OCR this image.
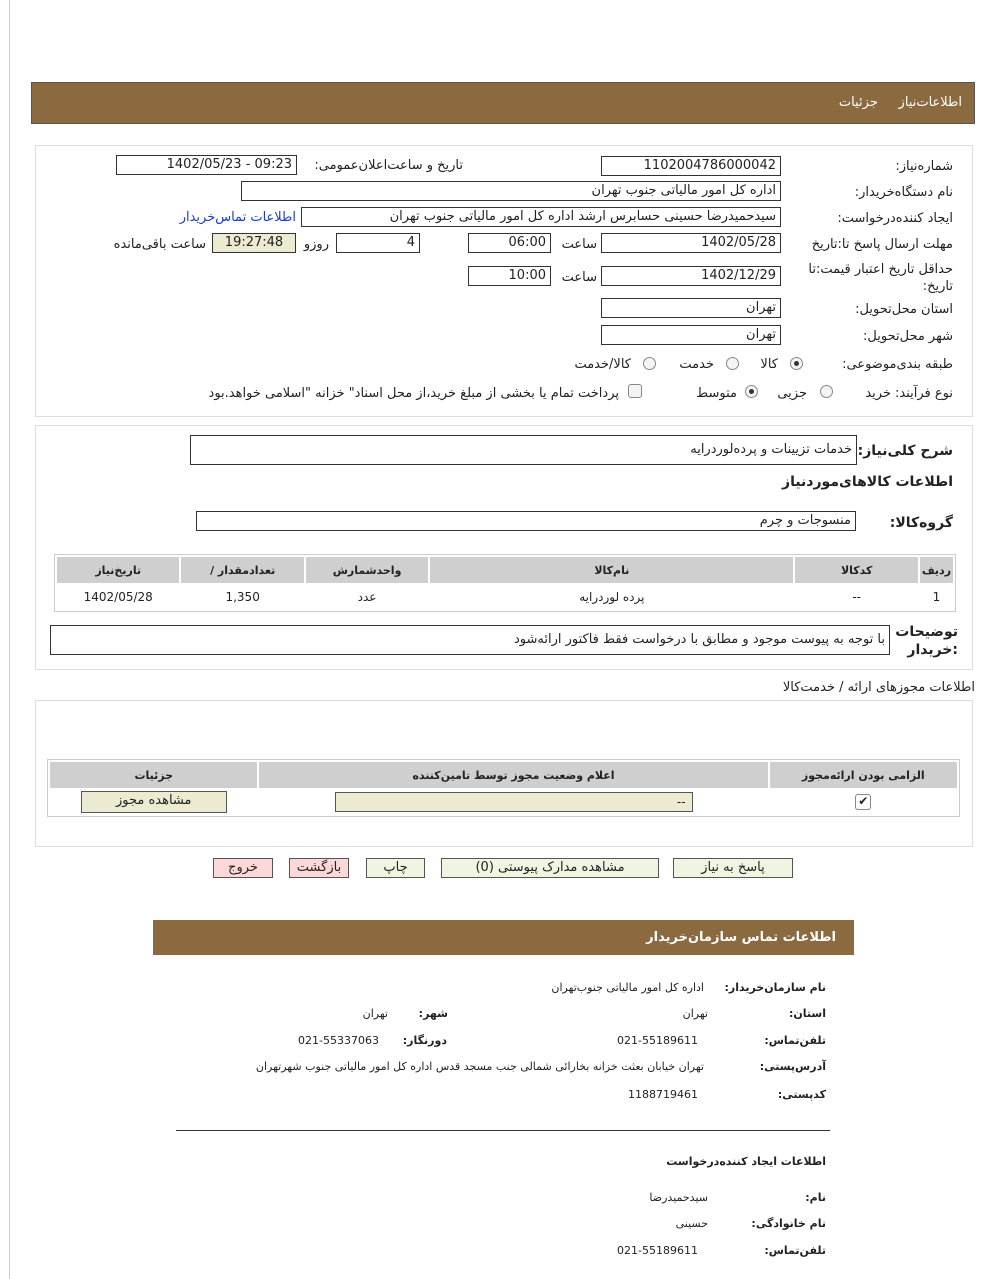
اطلاعات‌نیاز     جزئیات
شماره‌نیاز:
1102004786000042
تاریخ و ساعت‌اعلان‌عمومی:
1402/05/23 - 09:23
نام دستگاه‌خریدار:
اداره کل امور مالیاتی جنوب تهران
ایجاد کننده‌درخواست:
سیدحمیدرضا حسینی حسابرس ارشد اداره کل امور مالیاتی جنوب تهران
اطلاعات تماس‌خریدار
مهلت ارسال پاسخ تا:تاریخ
1402/05/28
ساعت
06:00
4
روزو
19:27:48
ساعت باقی‌مانده
حداقل تاریخ اعتبار قیمت:تا
تاریخ:
1402/12/29
ساعت
10:00
استان محل‌تحویل:
تهران
شهر محل‌تحویل:
تهران
طبقه بندی‌موضوعی:
کالا
خدمت
کالا/خدمت
نوع فرآیند:
خرید
جزیی
متوسط
پرداخت تمام یا بخشی از مبلغ خرید،از محل اسناد" خزانه "اسلامی خواهد.بود
شرح کلی‌نیاز:
خدمات تزیینات و پرده‌لوردرایه
اطلاعات کالاهای‌موردنیاز
گروه‌کالا:
منسوجات و چرم
ردیف	کدکالا	نام‌کالا	واحدشمارش	تعدادمقدار /	تاریخ‌نیاز
1	--	پرده لوردرایه	عدد	1,350	1402/05/28
توضیحات
:خریدار
با توجه به پیوست موجود و مطابق با درخواست فقط فاکتور ارائه‌شود
اطلاعات مجوزهای ارائه / خدمت‌کالا
الزامی بودن ارائه‌مجوز	اعلام وضعیت مجوز توسط تامین‌کننده	جزئیات
✔	--	مشاهده مجوز
پاسخ به نیاز
مشاهده مدارک پیوستی (0)
چاپ
بازگشت
خروج
اطلاعات تماس سازمان‌خریدار
نام سازمان‌خریدار:
اداره کل امور مالیاتی جنوب‌تهران
استان:
تهران
شهر:
تهران
تلفن‌تماس:
021-55189611
دورنگار:
021-55337063
آدرس‌پستی:
تهران خیابان بعثت خزانه بخارائی شمالی جنب مسجد قدس اداره کل امور مالیاتی جنوب شهرتهران
کدپستی:
1188719461
اطلاعات ایجاد کننده‌درخواست
نام:
سیدحمیدرضا
نام خانوادگی:
حسینی
تلفن‌تماس:
021-55189611
